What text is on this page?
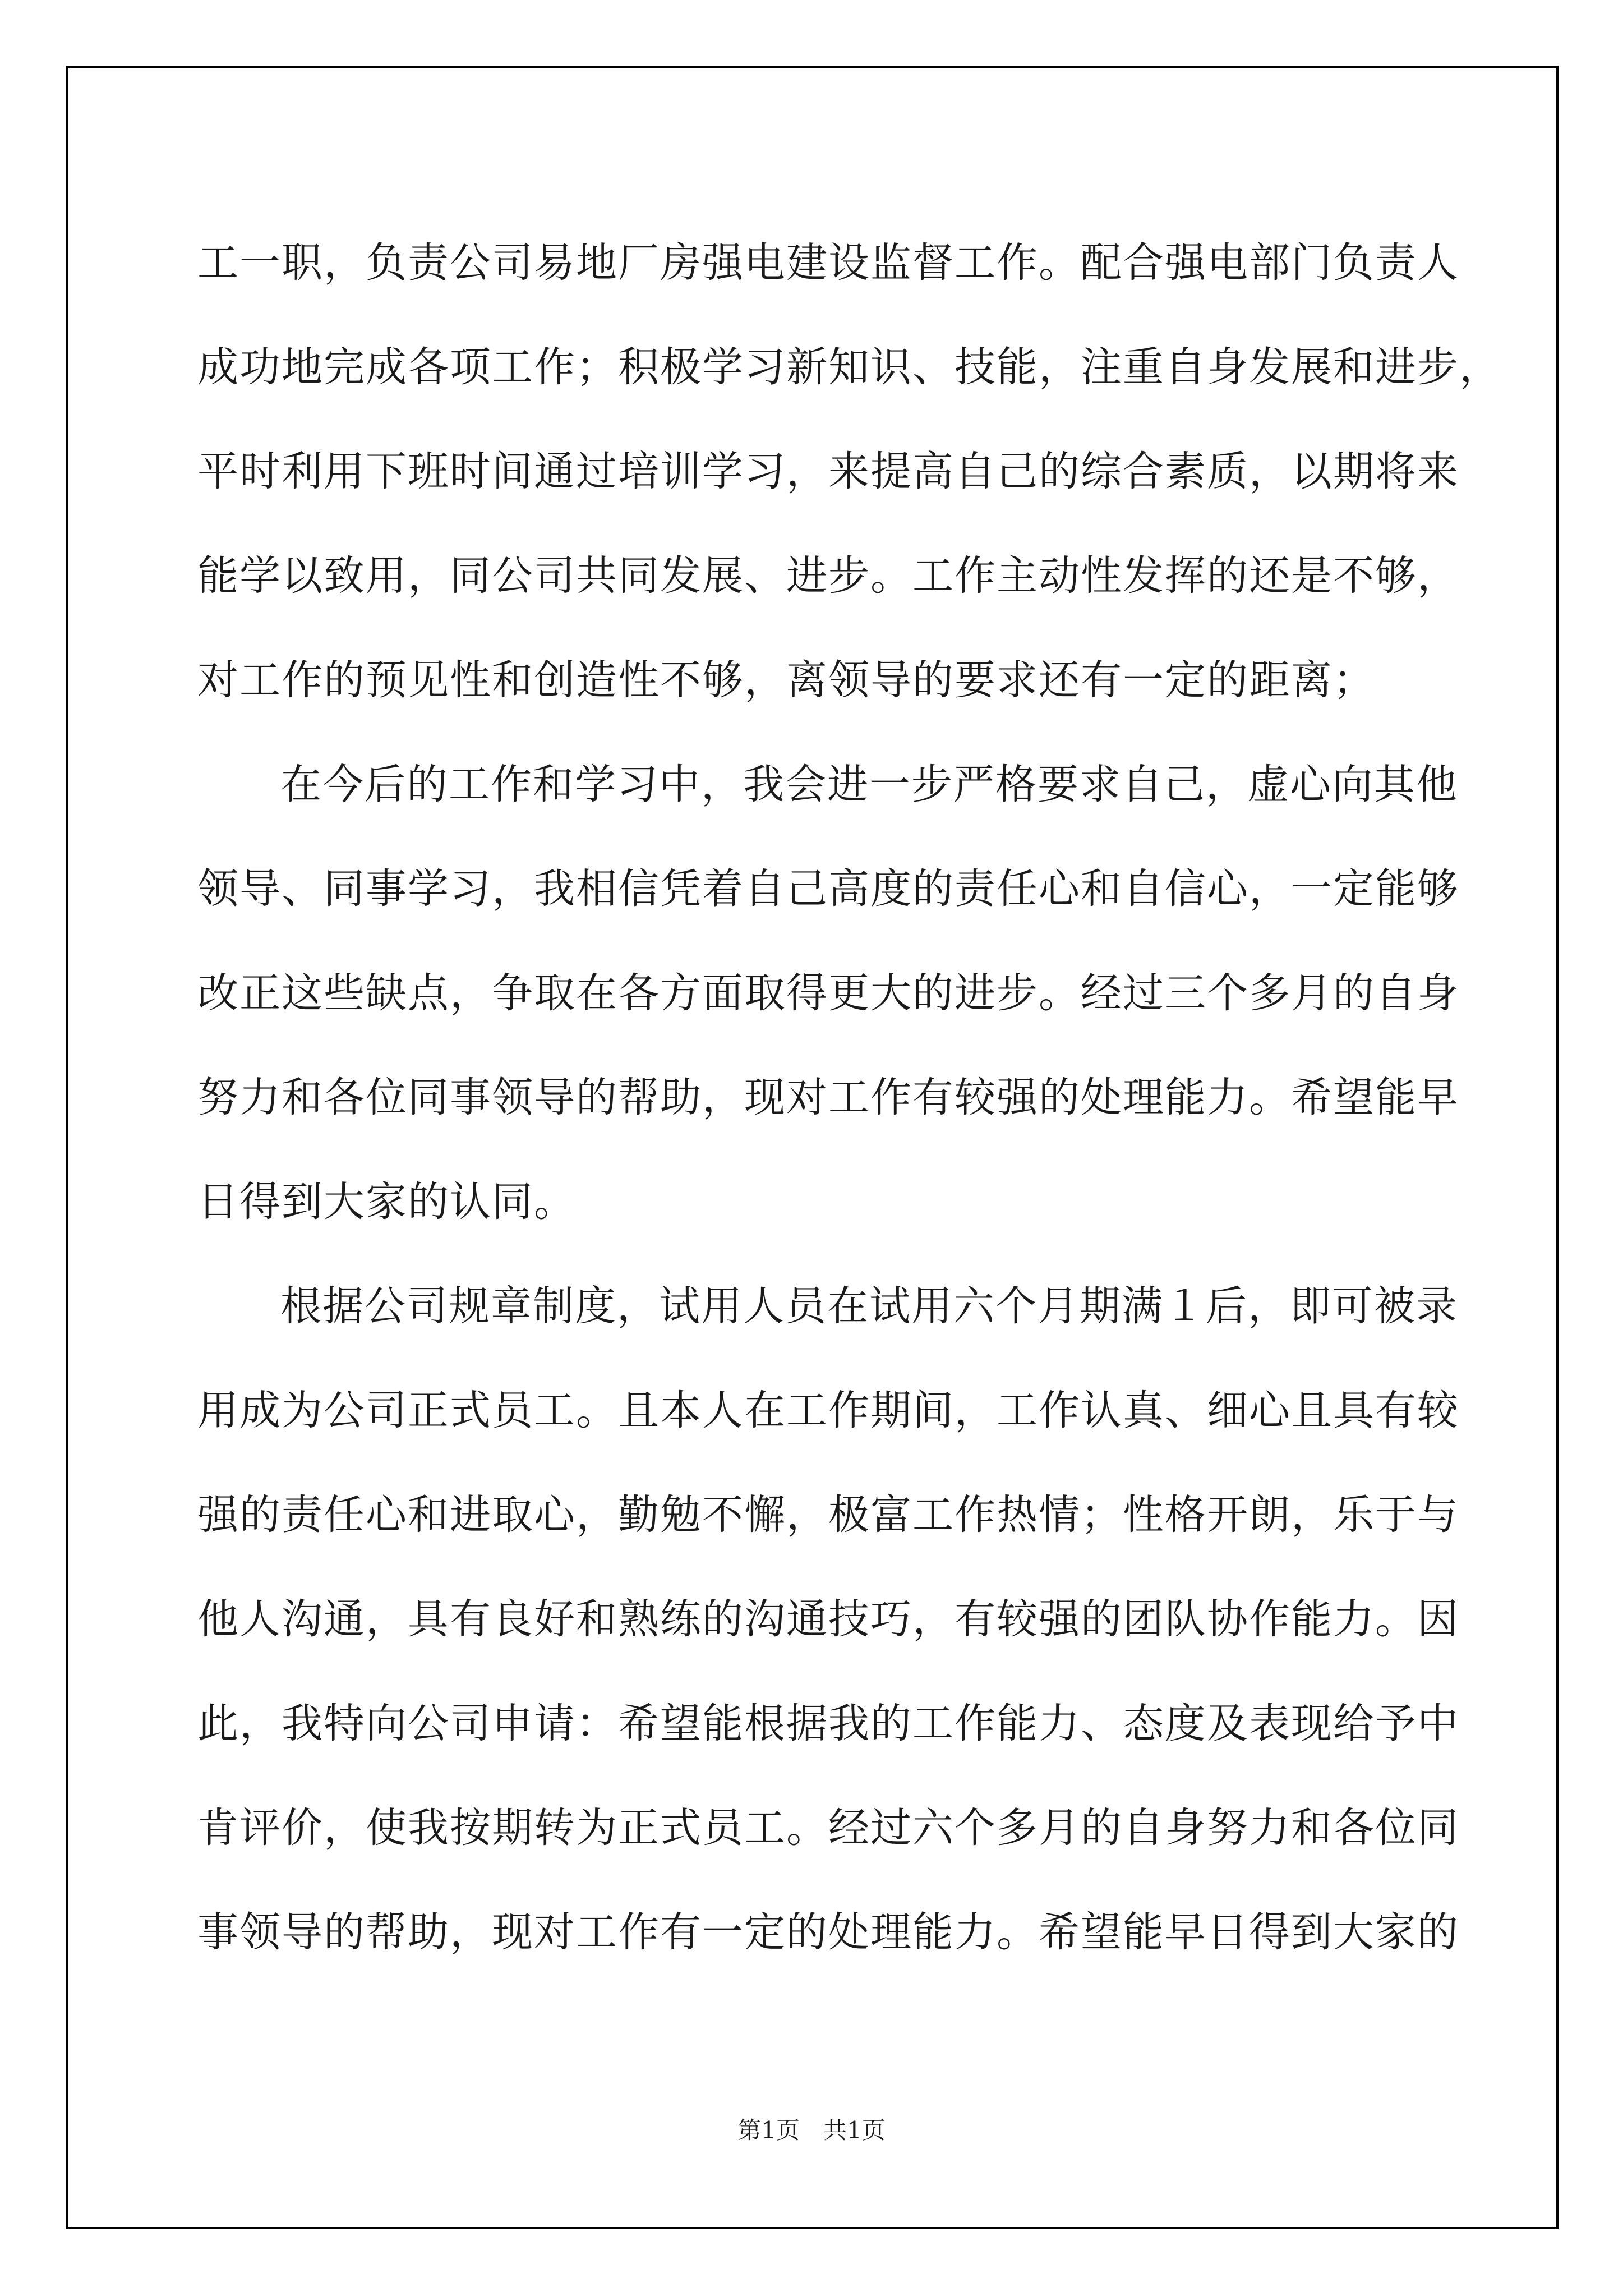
工一职，负责公司易地厂房强电建设监督工作。配合强电部门负责人
成功地完成各项工作；积极学习新知识、技能，注重自身发展和进步，
平时利用下班时间通过培训学习，来提高自己的综合素质，以期将来
能学以致用，同公司共同发展、进步。工作主动性发挥的还是不够，
对工作的预见性和创造性不够，离领导的要求还有一定的距离；
在今后的工作和学习中，我会进一步严格要求自己，虚心向其他
领导、同事学习，我相信凭着自己高度的责任心和自信心，一定能够
改正这些缺点，争取在各方面取得更大的进步。经过三个多月的自身
努力和各位同事领导的帮助，现对工作有较强的处理能力。希望能早
日得到大家的认同。
根据公司规章制度，试用人员在试用六个月期满１后，即可被录
用成为公司正式员工。且本人在工作期间，工作认真、细心且具有较
强的责任心和进取心，勤勉不懈，极富工作热情；性格开朗，乐于与
他人沟通，具有良好和熟练的沟通技巧，有较强的团队协作能力。因
此，我特向公司申请：希望能根据我的工作能力、态度及表现给予中
肯评价，使我按期转为正式员工。经过六个多月的自身努力和各位同
事领导的帮助，现对工作有一定的处理能力。希望能早日得到大家的
第1页　共1页
